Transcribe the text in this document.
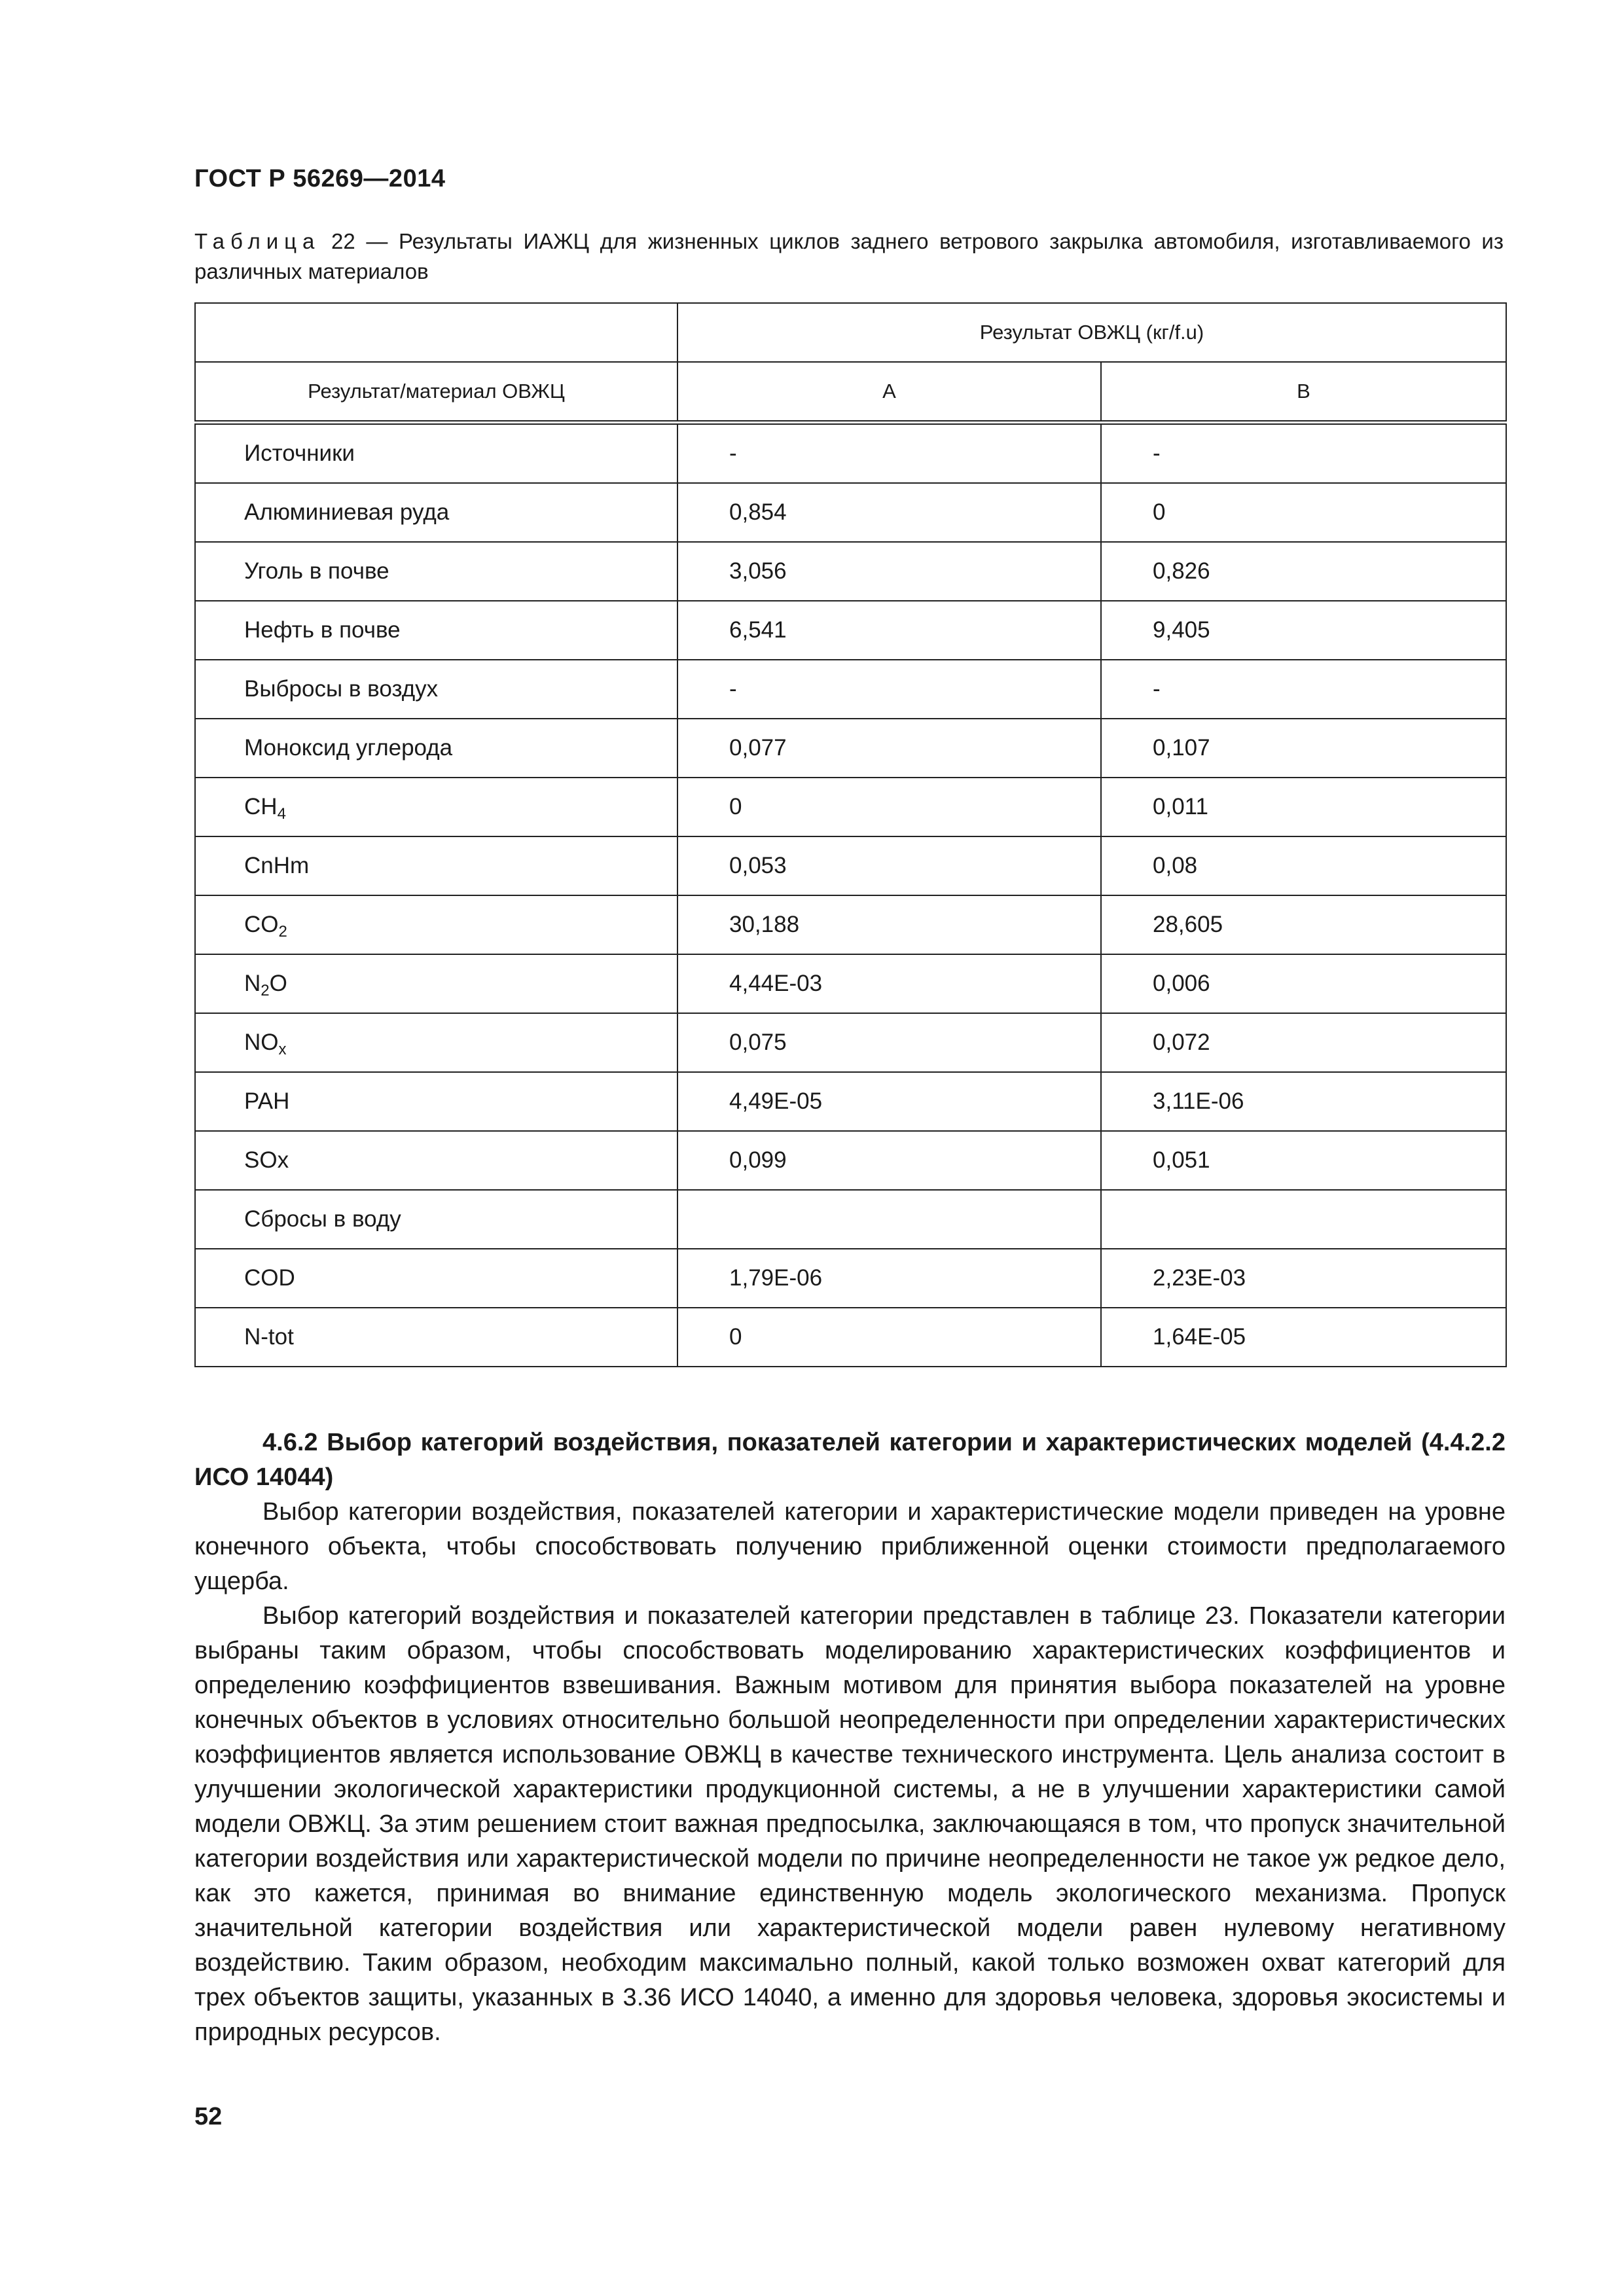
ГОСТ Р 56269—2014
Таблица 22 — Результаты ИАЖЦ для жизненных циклов заднего ветрового закрылка автомобиля, изготавливаемого из различных материалов
	Результат ОВЖЦ (кг/f.u)	
Результат/материал ОВЖЦ	A	B
Источники	-	-
Алюминиевая руда	0,854	0
Уголь в почве	3,056	0,826
Нефть в почве	6,541	9,405
Выбросы в воздух	-	-
Моноксид углерода	0,077	0,107
$CH_4$	0	0,011
CnHm	0,053	0,08
$CO_2$	30,188	28,605
$N_2O$	4,44E-03	0,006
$NO_x$	0,075	0,072
PAH	4,49E-05	3,11E-06
SOx	0,099	0,051
Сбросы в воду		
COD	1,79E-06	2,23E-03
N-tot	0	1,64E-05

4.6.2 Выбор категорий воздействия, показателей категории и характеристических моделей (4.4.2.2 ИСО 14044)

Выбор категории воздействия, показателей категории и характеристические модели приведен на уровне конечного объекта, чтобы способствовать получению приближенной оценки стоимости предполагаемого ущерба.

Выбор категорий воздействия и показателей категории представлен в таблице 23. Показатели категории выбраны таким образом, чтобы способствовать моделированию характеристических коэффициентов и определению коэффициентов взвешивания. Важным мотивом для принятия выбора показателей на уровне конечных объектов в условиях относительно большой неопределенности при определении характеристических коэффициентов является использование ОВЖЦ в качестве технического инструмента. Цель анализа состоит в улучшении экологической характеристики продукционной системы, а не в улучшении характеристики самой модели ОВЖЦ. За этим решением стоит важная предпосылка, заключающаяся в том, что пропуск значительной категории воздействия или характеристической модели по причине неопределенности не такое уж редкое дело, как это кажется, принимая во внимание единственную модель экологического механизма. Пропуск значительной категории воздействия или характеристической модели равен нулевому негативному воздействию. Таким образом, необходим максимально полный, какой только возможен охват категорий для трех объектов защиты, указанных в 3.36 ИСО 14040, а именно для здоровья человека, здоровья экосистемы и природных ресурсов.

52
